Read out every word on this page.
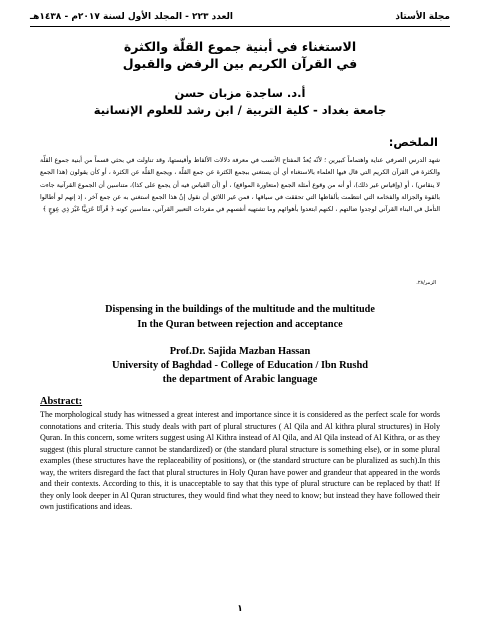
مجلة الأستاذ
العدد ٢٢٣ - المجلد الأول لسنة ٢٠١٧م - ١٤٣٨هـ
الاستغناء في أبنية جموع القلّة والكثرة
في القرآن الكريم بين الرفض والقبول
أ.د. ساجدة مزبان حسن
جامعة بغداد - كلية التربية / ابن رشد للعلوم الإنسانية
الملخص:
شهد الدرس الصرفي عناية واهتماماً كبيرين ؛ لأنّه يُعدّ المفتاح الأنسب في معرفة دلالات الألفاظ وأقيستها، وقد تناولت في بحثي قسماً من أبنية جموع القلّة والكثرة في القرآن الكريم التي قال فيها العلماء بالاستغناء أي أن يستغني ببجمع الكثرة عن جمع القلّة ، ويجمع القلّة عن الكثرة ، أو كأن يقولون (هذا الجمع لا ينقاس) ، أو (وإقياس غير ذلك)، أو أنه من وقوع أمثلة الجمع (متعاورة المواقع) ، أو (أن القياس فيه أن يجمع على كذا)، متناسين أن الجموع القرآنية جاءت بالقوة والجزالة والفخامة التي انتظمت بألفاظها التي تحققت في سياقها ، فمن غير اللائق أن نقول إنّ هذا الجمع استغني به عن جمع آخر ، إذ إنهم لو أطالوا التأمل في البناء القرآني لوجدوا ضالتهم ، لكنهم ابتعدوا بأهوائهم وما تشتهيه أنفسهم في مفردات التعبير القرآني، متناسين كونه ﴿ قُرآنًا عَرَبِيًّا غَيْرَ ذِي عِوَجٍ ﴾
الزمر/٢٨.
Dispensing in the buildings of the multitude and the multitude
In the Quran between rejection and acceptance
Prof.Dr. Sajida Mazban Hassan
University of Baghdad - College of Education / Ibn Rushd
the department of Arabic language
Abstract:
The morphological study has witnessed a great interest and importance since it is considered as the perfect scale for words connotations and criteria. This study deals with part of plural structures ( Al Qila and Al kithra plural structures) in Holy Quran. In this concern, some writers suggest using Al Kithra instead of Al Qila, and Al Qila instead of Al Kithra, or as they suggest (this plural structure cannot be standardized) or (the standard plural structure is something else), or in some plural examples (these structures have the replaceability of positions), or (the standard structure can be pluralized as such).In this way, the writers disregard the fact that plural structures in Holy Quran have power and grandeur that appeared in the words and their contexts. According to this, it is unacceptable to say that this type of plural structure can be replaced by that! If they only look deeper in Al Quran structures, they would find what they need to know; but instead they have followed their own justifications and ideas.
١
